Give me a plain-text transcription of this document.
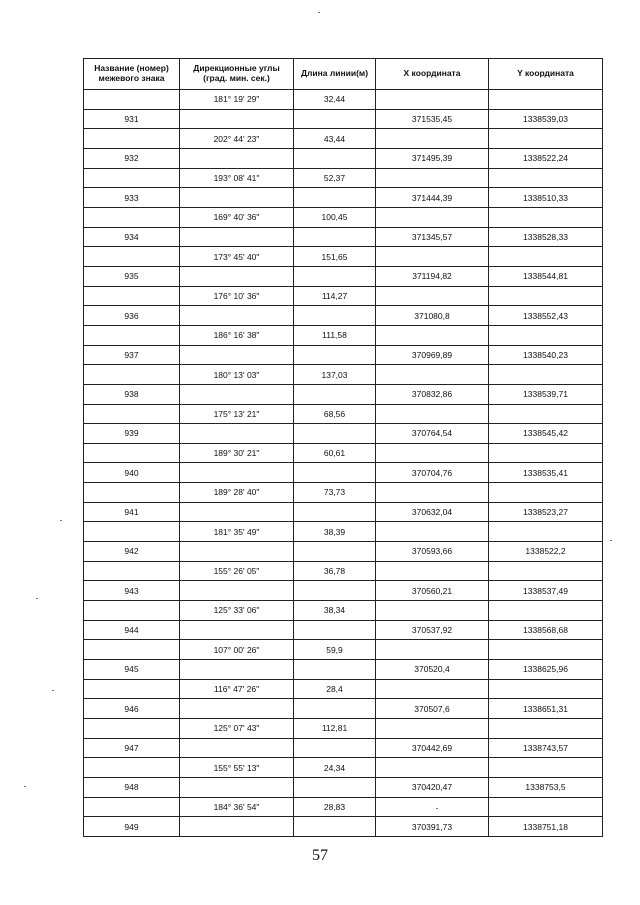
Название (номер) межевого знака	Дирекционные углы (град. мин. сек.)	Длина линии(м)	X координата	Y координата
	181° 19' 29"	32,44		
931			371535,45	1338539,03
	202° 44' 23"	43,44		
932			371495,39	1338522,24
	193° 08' 41"	52,37		
933			371444,39	1338510,33
	169° 40' 36"	100,45		
934			371345,57	1338528,33
	173° 45' 40"	151,65		
935			371194,82	1338544,81
	176° 10' 36"	114,27		
936			371080,8	1338552,43
	186° 16' 38"	111,58		
937			370969,89	1338540,23
	180° 13' 03"	137,03		
938			370832,86	1338539,71
	175° 13' 21"	68,56		
939			370764,54	1338545,42
	189° 30' 21"	60,61		
940			370704,76	1338535,41
	189° 28' 40"	73,73		
941			370632,04	1338523,27
	181° 35' 49"	38,39		
942			370593,66	1338522,2
	155° 26' 05"	36,78		
943			370560,21	1338537,49
	125° 33' 06"	38,34		
944			370537,92	1338568,68
	107° 00' 26"	59,9		
945			370520,4	1338625,96
	116° 47' 26"	28,4		
946			370507,6	1338651,31
	125° 07' 43"	112,81		
947			370442,69	1338743,57
	155° 55' 13"	24,34		
948			370420,47	1338753,5
	184° 36' 54"	28,83		
949			370391,73	1338751,18
57
